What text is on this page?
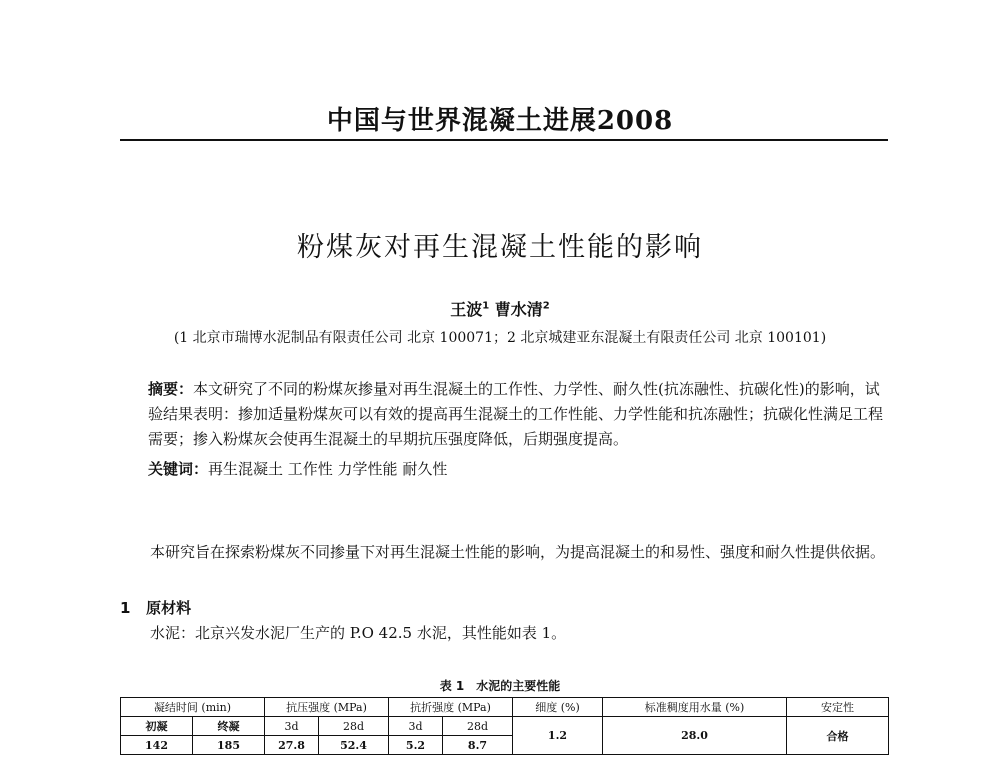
中国与世界混凝土进展2008
粉煤灰对再生混凝土性能的影响
王波$^1$ 曹水清$^2$
(1 北京市瑞博水泥制品有限责任公司 北京 100071；2 北京城建亚东混凝土有限责任公司 北京 100101)
摘要：本文研究了不同的粉煤灰掺量对再生混凝土的工作性、力学性、耐久性(抗冻融性、抗碳化性)的影响，试验结果表明：掺加适量粉煤灰可以有效的提高再生混凝土的工作性能、力学性能和抗冻融性；抗碳化性满足工程需要；掺入粉煤灰会使再生混凝土的早期抗压强度降低，后期强度提高。
关键词：再生混凝土 工作性 力学性能 耐久性
本研究旨在探索粉煤灰不同掺量下对再生混凝土性能的影响，为提高混凝土的和易性、强度和耐久性提供依据。
1 原材料
水泥：北京兴发水泥厂生产的 P.O 42.5 水泥，其性能如表 1。
表 1　水泥的主要性能
凝结时间 (min)		抗压强度 (MPa)		抗折强度 (MPa)		细度 (%)	标准稠度用水量 (%)	安定性
初凝	终凝	3d	28d	3d	28d	1.2	28.0	合格
142	185	27.8	52.4	5.2	8.7			
